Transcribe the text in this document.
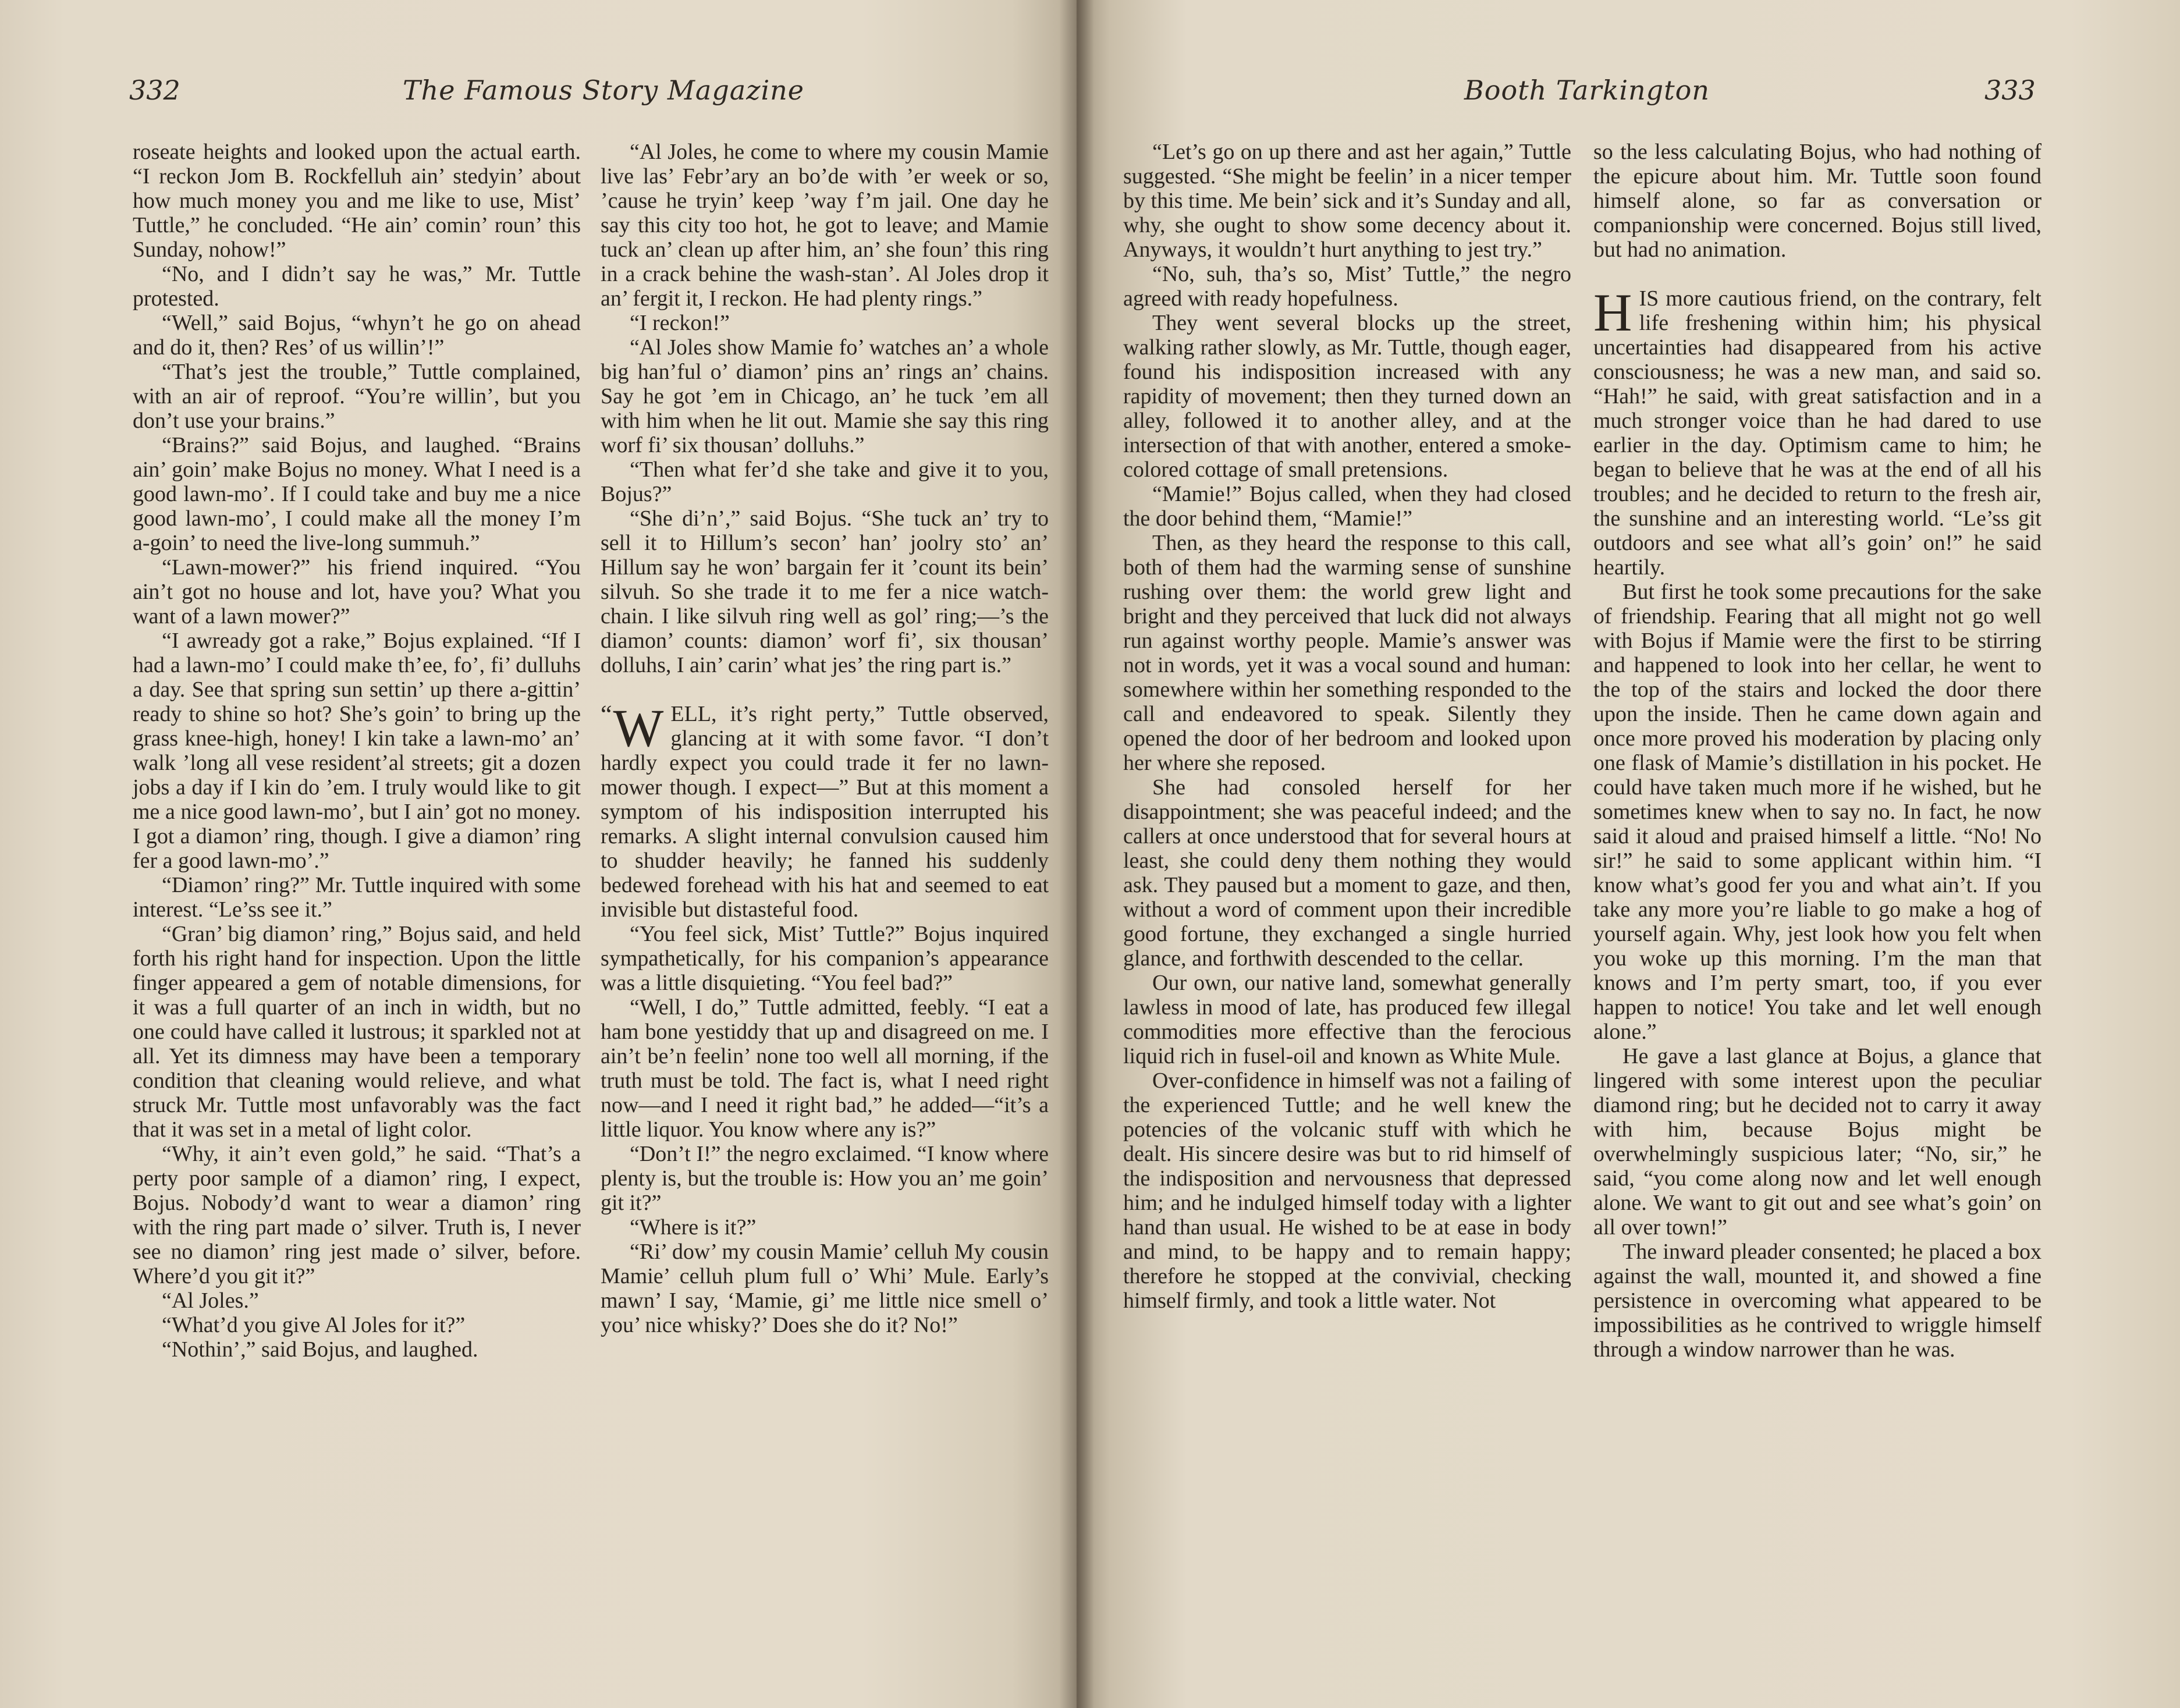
332	The Famous Story Magazine

roseate heights and looked upon the actual earth. “I reckon Jom B. Rockfelluh ain’ stedyin’ about how much money you and me like to use, Mist’ Tuttle,” he concluded. “He ain’ comin’ roun’ this Sunday, nohow!”

“No, and I didn’t say he was,” Mr. Tuttle protested.

“Well,” said Bojus, “whyn’t he go on ahead and do it, then? Res’ of us willin’!”

“That’s jest the trouble,” Tuttle complained, with an air of reproof. “You’re willin’, but you don’t use your brains.”

“Brains?” said Bojus, and laughed. “Brains ain’ goin’ make Bojus no money. What I need is a good lawn-mo’. If I could take and buy me a nice good lawn-mo’, I could make all the money I’m a-goin’ to need the live-long summuh.”

“Lawn-mower?” his friend inquired. “You ain’t got no house and lot, have you? What you want of a lawn mower?”

“I awready got a rake,” Bojus explained. “If I had a lawn-mo’ I could make th’ee, fo’, fi’ dulluhs a day. See that spring sun settin’ up there a-gittin’ ready to shine so hot? She’s goin’ to bring up the grass knee-high, honey! I kin take a lawn-mo’ an’ walk ’long all vese resident’al streets; git a dozen jobs a day if I kin do ’em. I truly would like to git me a nice good lawn-mo’, but I ain’ got no money. I got a diamon’ ring, though. I give a diamon’ ring fer a good lawn-mo’.”

“Diamon’ ring?” Mr. Tuttle inquired with some interest. “Le’ss see it.”

“Gran’ big diamon’ ring,” Bojus said, and held forth his right hand for inspection. Upon the little finger appeared a gem of notable dimensions, for it was a full quarter of an inch in width, but no one could have called it lustrous; it sparkled not at all. Yet its dimness may have been a temporary condition that cleaning would relieve, and what struck Mr. Tuttle most unfavorably was the fact that it was set in a metal of light color.

“Why, it ain’t even gold,” he said. “That’s a perty poor sample of a diamon’ ring, I expect, Bojus. Nobody’d want to wear a diamon’ ring with the ring part made o’ silver. Truth is, I never see no diamon’ ring jest made o’ silver, before. Where’d you git it?”

“Al Joles.”

“What’d you give Al Joles for it?”

“Nothin’,” said Bojus, and laughed.

“Al Joles, he come to where my cousin Mamie live las’ Febr’ary an bo’de with ’er week or so, ’cause he tryin’ keep ’way f’m jail. One day he say this city too hot, he got to leave; and Mamie tuck an’ clean up after him, an’ she foun’ this ring in a crack behine the wash-stan’. Al Joles drop it an’ fergit it, I reckon. He had plenty rings.”

“I reckon!”

“Al Joles show Mamie fo’ watches an’ a whole big han’ful o’ diamon’ pins an’ rings an’ chains. Say he got ’em in Chicago, an’ he tuck ’em all with him when he lit out. Mamie she say this ring worf fi’ six thousan’ dolluhs.”

“Then what fer’d she take and give it to you, Bojus?”

“She di’n’,” said Bojus. “She tuck an’ try to sell it to Hillum’s secon’ han’ joolry sto’ an’ Hillum say he won’ bargain fer it ’count its bein’ silvuh. So she trade it to me fer a nice watch-chain. I like silvuh ring well as gol’ ring;—’s the diamon’ counts: diamon’ worf fi’, six thousan’ dolluhs, I ain’ carin’ what jes’ the ring part is.”

“ W ELL, it’s right perty,” Tuttle observed, glancing at it with some favor. “I don’t hardly expect you could trade it fer no lawn-mower though. I expect—” But at this moment a symptom of his indisposition interrupted his remarks. A slight internal convulsion caused him to shudder heavily; he fanned his suddenly bedewed forehead with his hat and seemed to eat invisible but distasteful food.

“You feel sick, Mist’ Tuttle?” Bojus inquired sympathetically, for his companion’s appearance was a little disquieting. “You feel bad?”

“Well, I do,” Tuttle admitted, feebly. “I eat a ham bone yestiddy that up and disagreed on me. I ain’t be’n feelin’ none too well all morning, if the truth must be told. The fact is, what I need right now—and I need it right bad,” he added—“it’s a little liquor. You know where any is?”

“Don’t I!” the negro exclaimed. “I know where plenty is, but the trouble is: How you an’ me goin’ git it?”

“Where is it?”

“Ri’ dow’ my cousin Mamie’ celluh My cousin Mamie’ celluh plum full o’ Whi’ Mule. Early’s mawn’ I say, ‘Mamie, gi’ me little nice smell o’ you’ nice whisky?’ Does she do it? No!”

Booth Tarkington	333

“Let’s go on up there and ast her again,” Tuttle suggested. “She might be feelin’ in a nicer temper by this time. Me bein’ sick and it’s Sunday and all, why, she ought to show some decency about it. Anyways, it wouldn’t hurt anything to jest try.”

“No, suh, tha’s so, Mist’ Tuttle,” the negro agreed with ready hopefulness.

They went several blocks up the street, walking rather slowly, as Mr. Tuttle, though eager, found his indisposition increased with any rapidity of movement; then they turned down an alley, followed it to another alley, and at the intersection of that with another, entered a smoke-colored cottage of small pretensions.

“Mamie!” Bojus called, when they had closed the door behind them, “Mamie!”

Then, as they heard the response to this call, both of them had the warming sense of sunshine rushing over them: the world grew light and bright and they perceived that luck did not always run against worthy people. Mamie’s answer was not in words, yet it was a vocal sound and human: somewhere within her something responded to the call and endeavored to speak. Silently they opened the door of her bedroom and looked upon her where she reposed.

She had consoled herself for her disappointment; she was peaceful indeed; and the callers at once understood that for several hours at least, she could deny them nothing they would ask. They paused but a moment to gaze, and then, without a word of comment upon their incredible good fortune, they exchanged a single hurried glance, and forthwith descended to the cellar.

Our own, our native land, somewhat generally lawless in mood of late, has produced few illegal commodities more effective than the ferocious liquid rich in fusel-oil and known as White Mule.

Over-confidence in himself was not a failing of the experienced Tuttle; and he well knew the potencies of the volcanic stuff with which he dealt. His sincere desire was but to rid himself of the indisposition and nervousness that depressed him; and he indulged himself today with a lighter hand than usual. He wished to be at ease in body and mind, to be happy and to remain happy; therefore he stopped at the convivial, checking himself firmly, and took a little water. Not

so the less calculating Bojus, who had nothing of the epicure about him. Mr. Tuttle soon found himself alone, so far as conversation or companionship were concerned. Bojus still lived, but had no animation.

HIS more cautious friend, on the contrary, felt life freshening within him; his physical uncertainties had disappeared from his active consciousness; he was a new man, and said so. “Hah!” he said, with great satisfaction and in a much stronger voice than he had dared to use earlier in the day. Optimism came to him; he began to believe that he was at the end of all his troubles; and he decided to return to the fresh air, the sunshine and an interesting world. “Le’ss git outdoors and see what all’s goin’ on!” he said heartily.

But first he took some precautions for the sake of friendship. Fearing that all might not go well with Bojus if Mamie were the first to be stirring and happened to look into her cellar, he went to the top of the stairs and locked the door there upon the inside. Then he came down again and once more proved his moderation by placing only one flask of Mamie’s distillation in his pocket. He could have taken much more if he wished, but he sometimes knew when to say no. In fact, he now said it aloud and praised himself a little. “No! No sir!” he said to some applicant within him. “I know what’s good fer you and what ain’t. If you take any more you’re liable to go make a hog of yourself again. Why, jest look how you felt when you woke up this morning. I’m the man that knows and I’m perty smart, too, if you ever happen to notice! You take and let well enough alone.”

He gave a last glance at Bojus, a glance that lingered with some interest upon the peculiar diamond ring; but he decided not to carry it away with him, because Bojus might be overwhelmingly suspicious later; “No, sir,” he said, “you come along now and let well enough alone. We want to git out and see what’s goin’ on all over town!”

The inward pleader consented; he placed a box against the wall, mounted it, and showed a fine persistence in overcoming what appeared to be impossibilities as he contrived to wriggle himself through a window narrower than he was.
